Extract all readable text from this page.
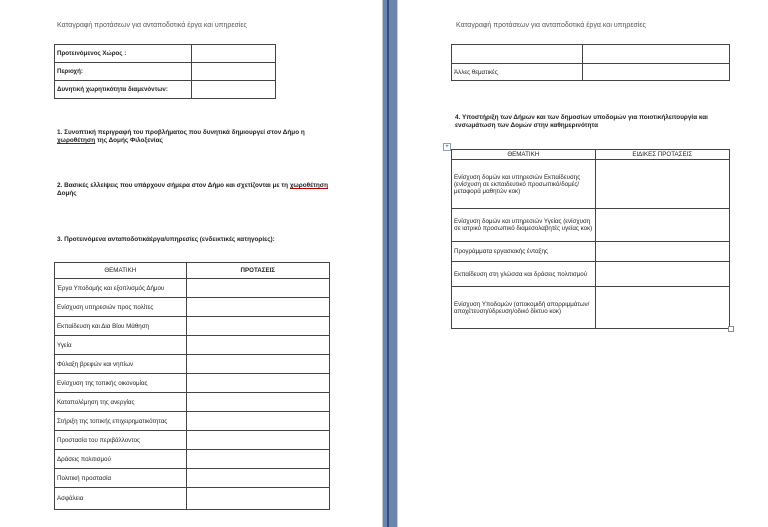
Καταγραφή προτάσεων για ανταποδοτικά έργα και υπηρεσίες
Προτεινόμενος Χώρος :	
Περιοχή:	
Δυνητική χωρητικότητα διαμενόντων:	
1. Συνοπτική περιγραφή του προβλήματος που δυνητικά δημιουργεί στον Δήμο η χωροθέτηση της Δομής Φιλοξενίας
2. Βασικές ελλείψεις που υπάρχουν σήμερα στον Δήμο και σχετίζονται με τη χωροθέτηση Δομής
3. Προτεινόμενα ανταποδοτικάέργα/υπηρεσίες (ενδεικτικές κατηγορίες):
ΘΕΜΑΤΙΚΗ	ΠΡΟΤΑΣΕΙΣ
Έργα Υποδομής και εξοπλισμός Δήμου	
Ενίσχυση υπηρεσιών προς πολίτες	
Εκπαίδευση και Δια Βίου Μάθηση	
Υγεία	
Φύλαξη βρεφών και νηπίων	
Ενίσχυση της τοπικής οικονομίας	
Καταπολέμηση της ανεργίας	
Στήριξη της τοπικής επιχειρηματικότητας	
Προστασία του περιβάλλοντος	
Δράσεις πολιτισμού	
Πολιτική προστασία	
Ασφάλεια	
Καταγραφή προτάσεων για ανταποδοτικά έργα και υπηρεσίες

Άλλες θεματικές	
4. Υποστήριξη των Δήμων και των δημοσίων υποδομών για ποιοτικήλειτουργία και ενσωμάτωση των Δομών στην καθημερινότητα
+
ΘΕΜΑΤΙΚΗ	ΕΙΔΙΚΕΣ ΠΡΟΤΑΣΕΙΣ
Ενίσχυση δομών και υπηρεσιών Εκπαίδευσης (ενίσχυση σε εκπαιδευτικό προσωπικό/δομές/μεταφορά μαθητών κοκ)	
Ενίσχυση δομών και υπηρεσιών Υγείας (ενίσχυση σε ιατρικό προσωπικό διαμεσολαβητές υγείας κοκ)	
Προγράμματα εργασιακής ένταξης	
Εκπαίδευση στη γλώσσα και δράσεις πολιτισμού	
Ενίσχυση Υποδομών (αποκομιδή απορριμμάτων/αποχέτευση/ύδρευση/οδικό δίκτυο κοκ)	
